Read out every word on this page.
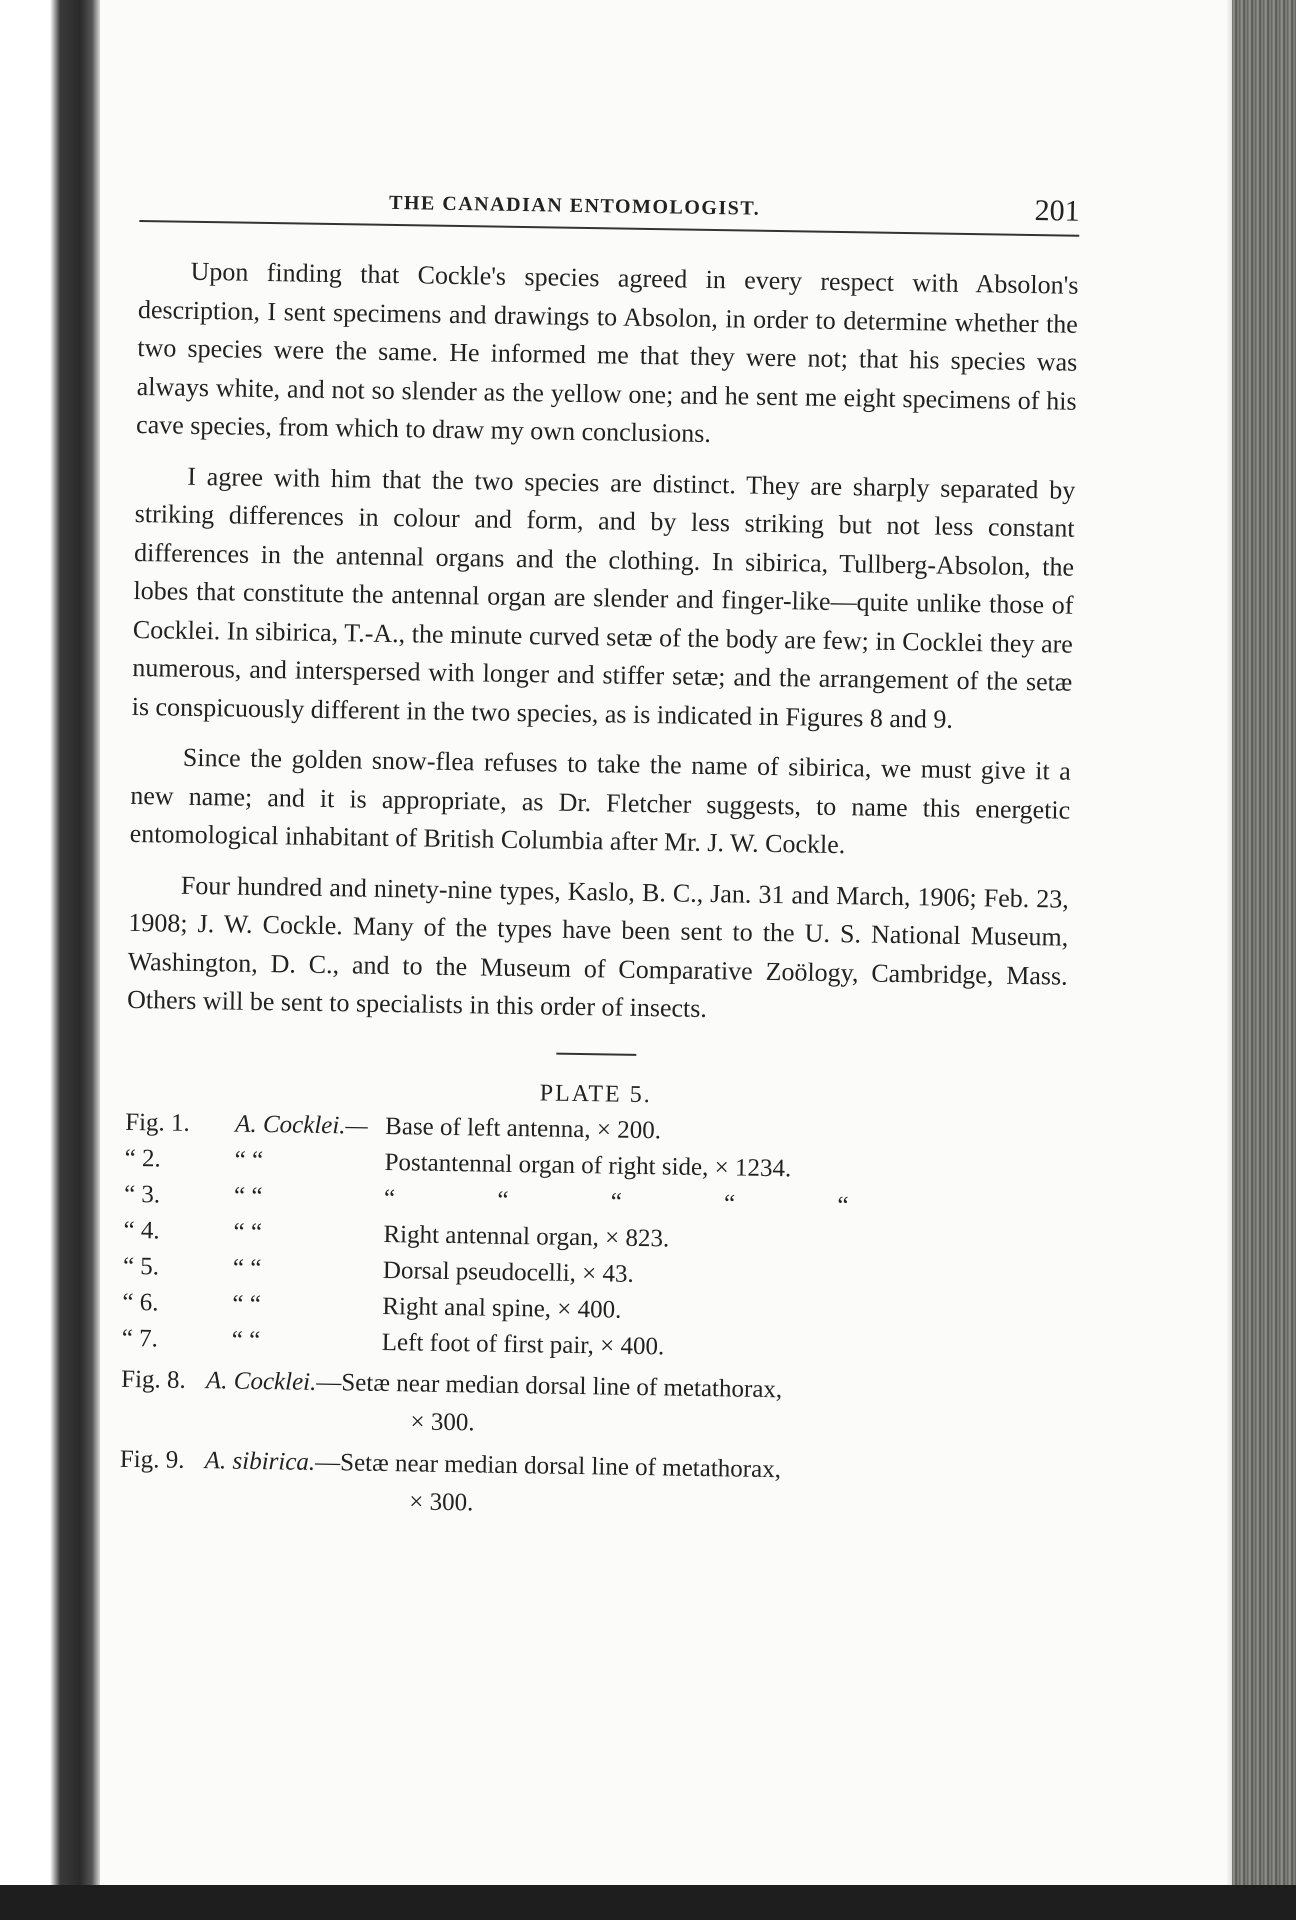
THE CANADIAN ENTOMOLOGIST.	201

Upon finding that Cockle's species agreed in every respect with Absolon's description, I sent specimens and drawings to Absolon, in order to determine whether the two species were the same. He informed me that they were not; that his species was always white, and not so slender as the yellow one; and he sent me eight specimens of his cave species, from which to draw my own conclusions.

I agree with him that the two species are distinct. They are sharply separated by striking differences in colour and form, and by less striking but not less constant differences in the antennal organs and the clothing. In sibirica, Tullberg-Absolon, the lobes that constitute the antennal organ are slender and finger-like—quite unlike those of Cocklei. In sibirica, T.-A., the minute curved setæ of the body are few; in Cocklei they are numerous, and interspersed with longer and stiffer setæ; and the arrangement of the setæ is conspicuously different in the two species, as is indicated in Figures 8 and 9.

Since the golden snow-flea refuses to take the name of sibirica, we must give it a new name; and it is appropriate, as Dr. Fletcher suggests, to name this energetic entomological inhabitant of British Columbia after Mr. J. W. Cockle.

Four hundred and ninety-nine types, Kaslo, B. C., Jan. 31 and March, 1906; Feb. 23, 1908; J. W. Cockle. Many of the types have been sent to the U. S. National Museum, Washington, D. C., and to the Museum of Comparative Zoölogy, Cambridge, Mass. Others will be sent to specialists in this order of insects.

PLATE 5.
Fig. 1.	A. Cocklei.— Base of left antenna, × 200.
“ 2.	“ “	Postantennal organ of right side, × 1234.
“ 3.	“ “	“ “ “ “ “
“ 4.	“ “	Right antennal organ, × 823.
“ 5.	“ “	Dorsal pseudocelli, × 43.
“ 6.	“ “	Right anal spine, × 400.
“ 7.	“ “	Left foot of first pair, × 400.
Fig. 8. A. Cocklei.—Setæ near median dorsal line of metathorax,
× 300.
Fig. 9. A. sibirica.—Setæ near median dorsal line of metathorax,
× 300.
